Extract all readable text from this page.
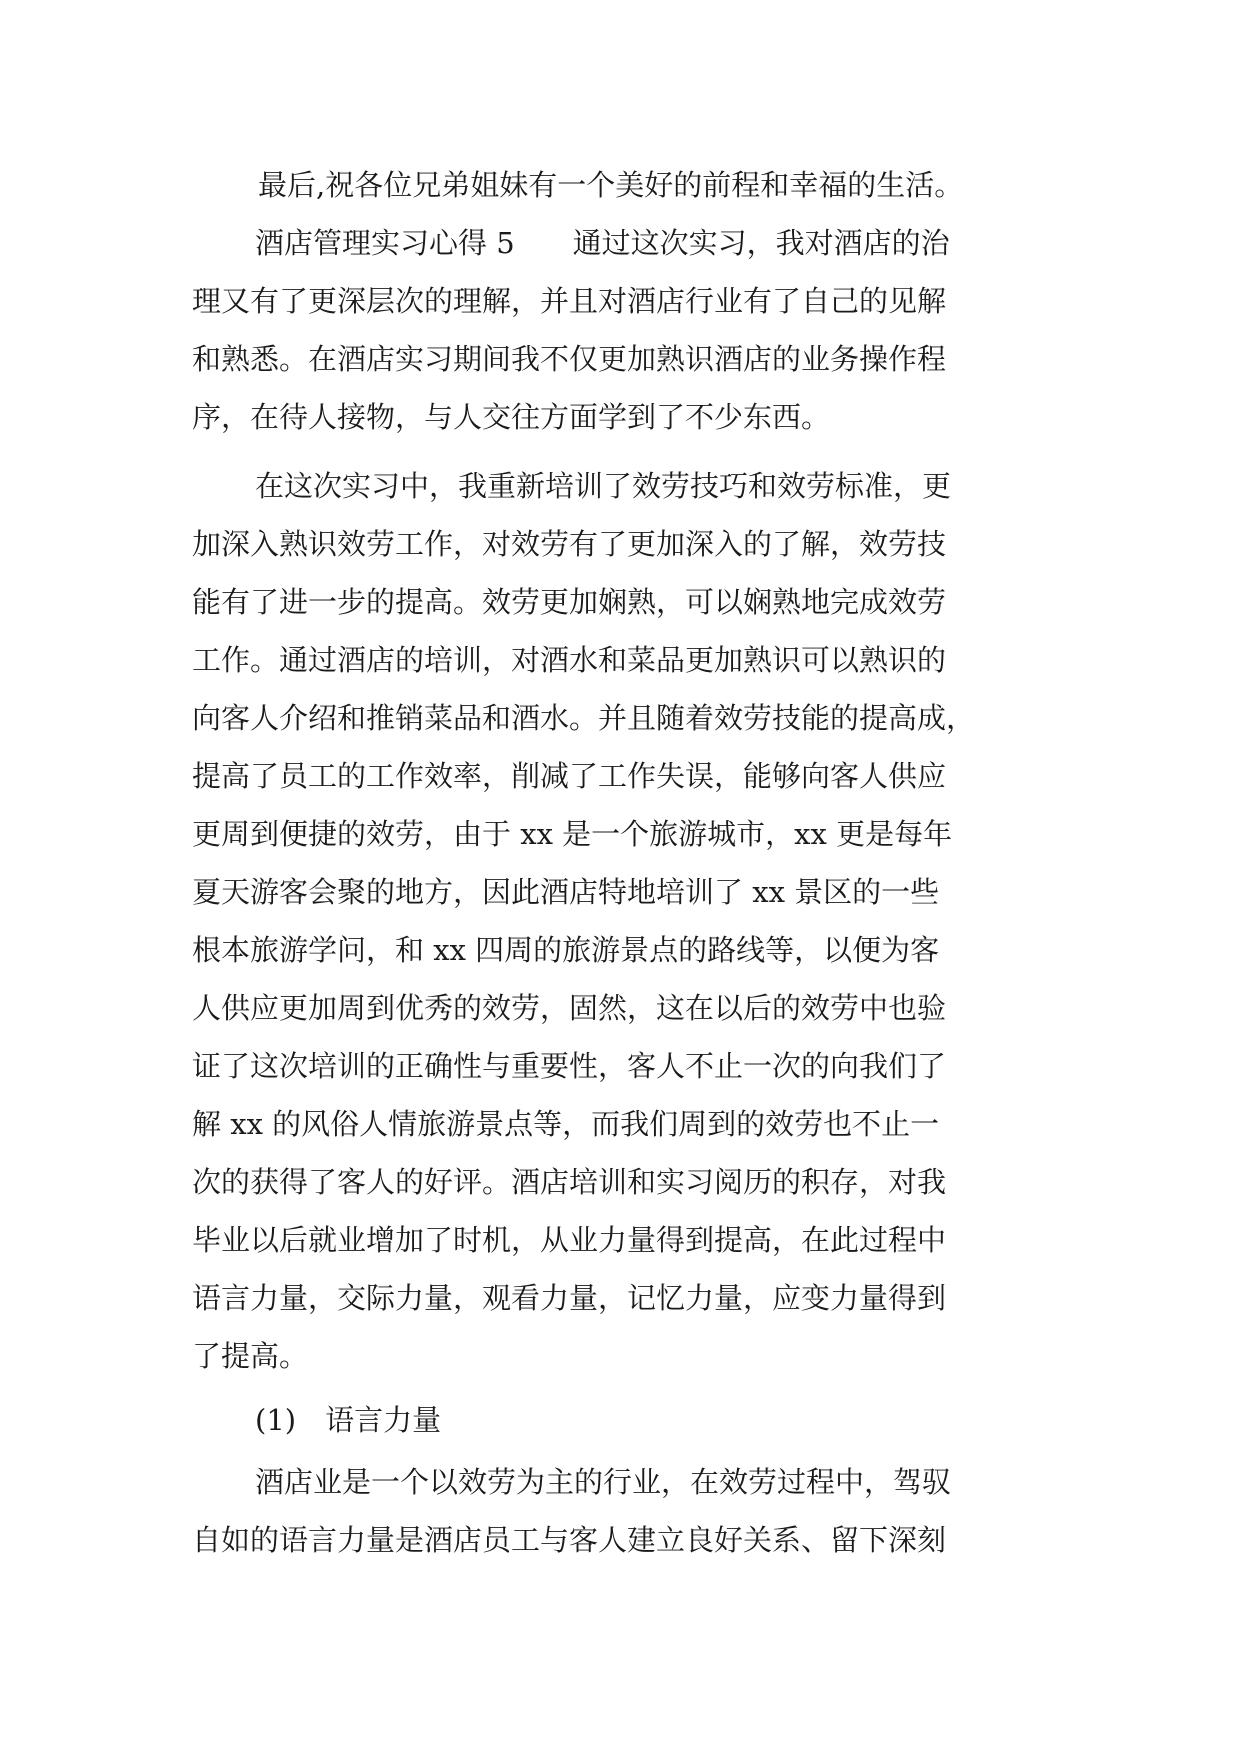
最后,祝各位兄弟姐妹有一个美好的前程和幸福的生活。
酒店管理实习心得 5　　通过这次实习，我对酒店的治
理又有了更深层次的理解，并且对酒店行业有了自己的见解
和熟悉。在酒店实习期间我不仅更加熟识酒店的业务操作程
序，在待人接物，与人交往方面学到了不少东西。
在这次实习中，我重新培训了效劳技巧和效劳标准，更
加深入熟识效劳工作，对效劳有了更加深入的了解，效劳技
能有了进一步的提高。效劳更加娴熟，可以娴熟地完成效劳
工作。通过酒店的培训，对酒水和菜品更加熟识可以熟识的
向客人介绍和推销菜品和酒水。并且随着效劳技能的提高成，
提高了员工的工作效率，削减了工作失误，能够向客人供应
更周到便捷的效劳，由于 xx 是一个旅游城市，xx 更是每年
夏天游客会聚的地方，因此酒店特地培训了 xx 景区的一些
根本旅游学问，和 xx 四周的旅游景点的路线等，以便为客
人供应更加周到优秀的效劳，固然，这在以后的效劳中也验
证了这次培训的正确性与重要性，客人不止一次的向我们了
解 xx 的风俗人情旅游景点等，而我们周到的效劳也不止一
次的获得了客人的好评。酒店培训和实习阅历的积存，对我
毕业以后就业增加了时机，从业力量得到提高，在此过程中
语言力量，交际力量，观看力量，记忆力量，应变力量得到
了提高。
(1)　语言力量
酒店业是一个以效劳为主的行业，在效劳过程中，驾驭
自如的语言力量是酒店员工与客人建立良好关系、留下深刻
